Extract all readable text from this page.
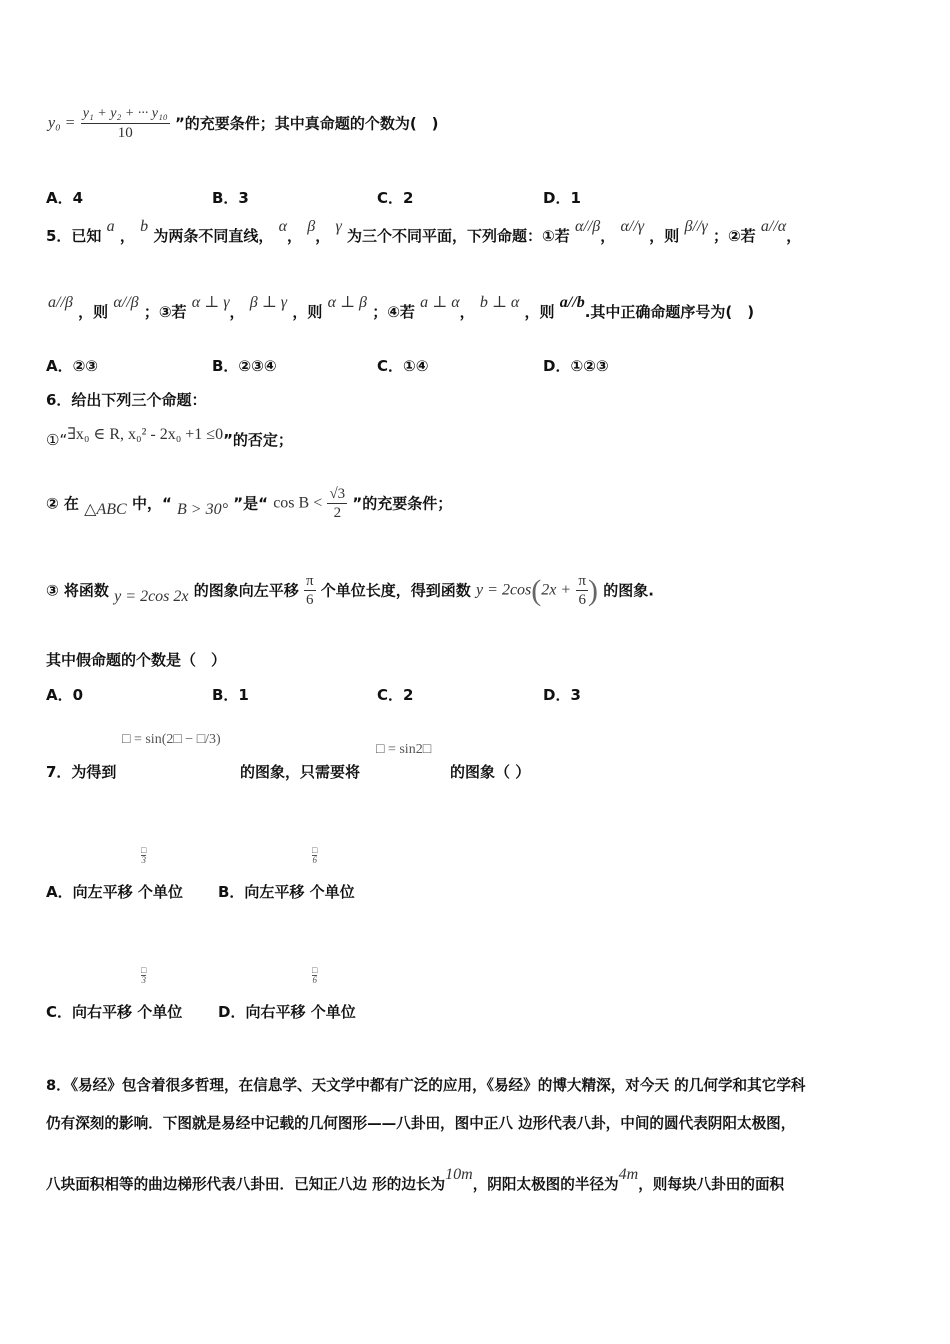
$y_0 = \frac{\text{y₁ + y₂ + ··· y₁₀}}{10}$ ”的充要条件；其中真命题的个数为(　)
A．4	B．3	C．2	D．1
5．已知 a ， b 为两条不同直线， α， β， γ 为三个不同平面，下列命题：①若 α//β， α//γ ，则 β//γ ；②若 a//α，
a//β ，则 α//β ；③若 α ⊥ γ， β ⊥ γ ，则 α ⊥ β ；④若 a ⊥ α， b ⊥ α ，则 a//b.其中正确命题序号为(　)
A．②③	B．②③④	C．①④	D．①②③
6．给出下列三个命题：
①“∃x₀ ∈ R, x₀² - 2x₀ +1 ≤0”的否定；
② 在 △ABC 中，“ B > 30° ”是“ $\cos B < \frac{√3}{2}$ ”的充要条件；
③ 将函数 y = 2cos 2x 的图象向左平移 $\frac{\pi}{6}$ 个单位长度，得到函数 $y = 2\cos(2x + \frac{\pi}{6}$ ) 的图象.
其中假命题的个数是（　）
A．0	B．1	C．2	D．3
□ = sin(2□ − □/3)
□ = sin2□
7．为得到	的图象，只需要将	的图象（ ）
□
3
□
6
A．向左平移 个单位 B．向左平移 个单位
□
3
□
6
C．向右平移 个单位 D．向右平移 个单位
8．《易经》包含着很多哲理，在信息学、天文学中都有广泛的应用，《易经》的博大精深，对今天 的几何学和其它学科
仍有深刻的影响．下图就是易经中记载的几何图形——八卦田，图中正八 边形代表八卦，中间的圆代表阴阳太极图，
八块面积相等的曲边梯形代表八卦田．已知正八边 形的边长为10m，阴阳太极图的半径为4m，则每块八卦田的面积
